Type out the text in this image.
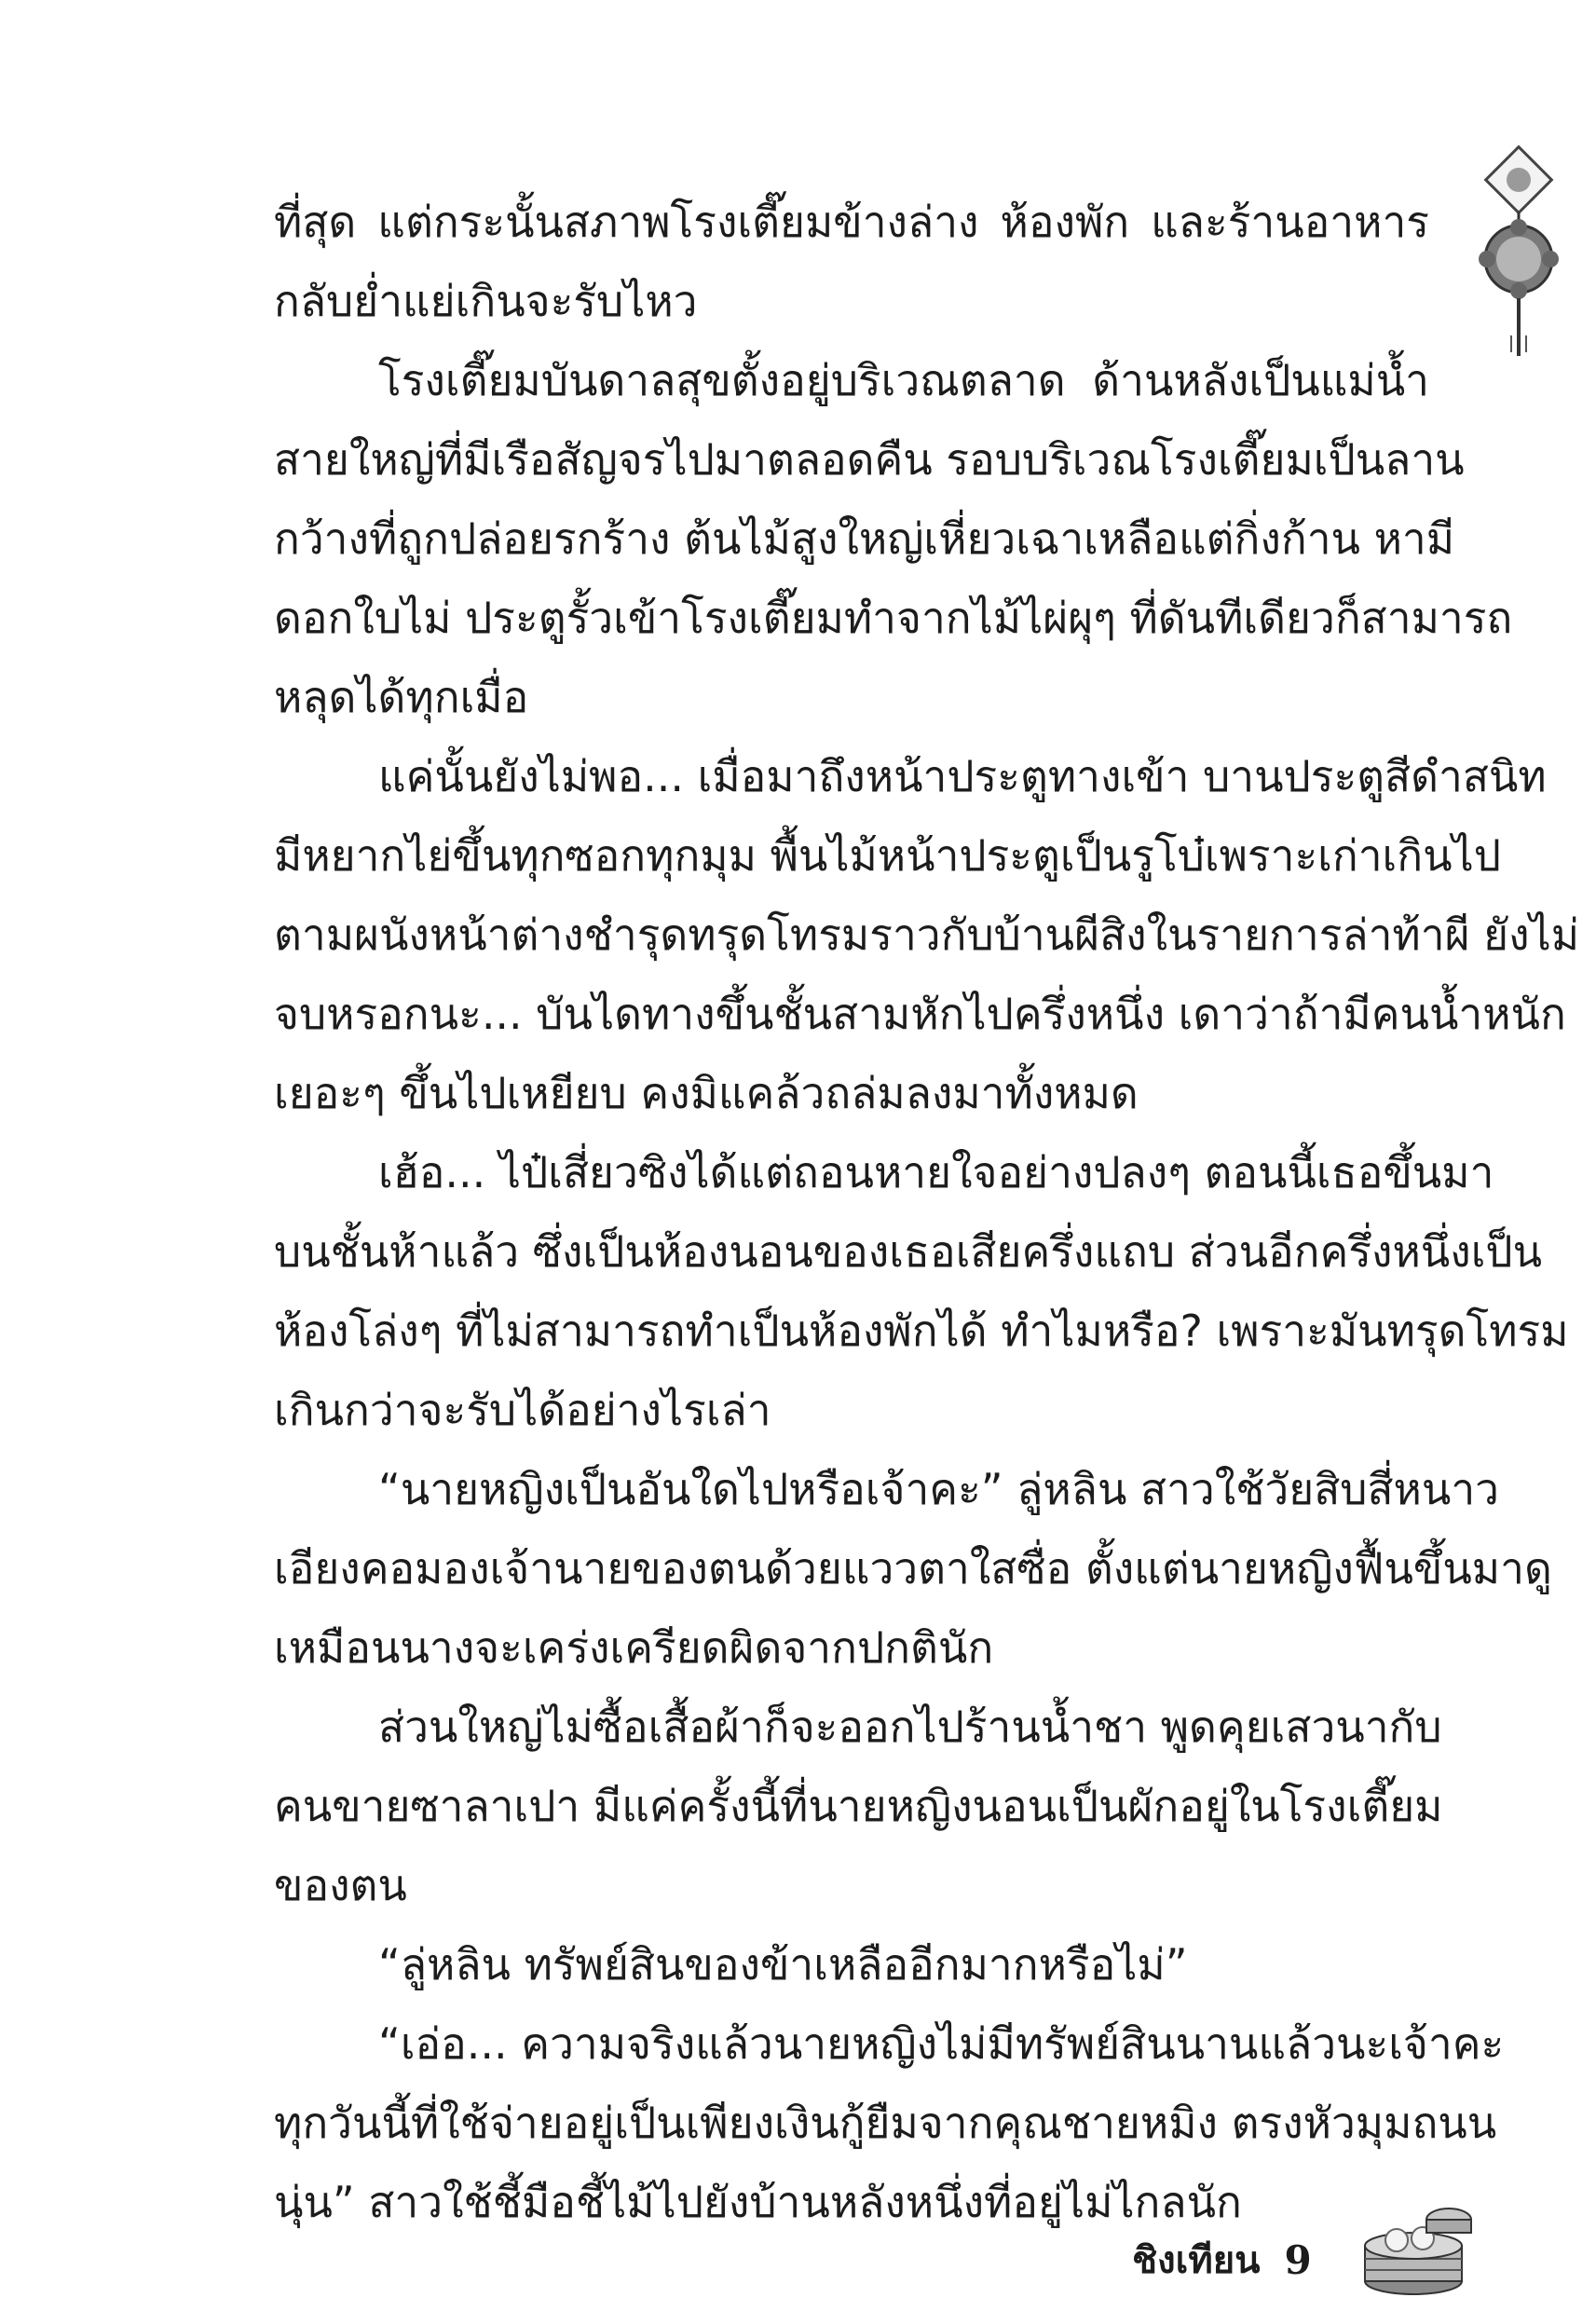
ที่สุด แต่กระนั้นสภาพโรงเตี๊ยมข้างล่าง ห้องพัก และร้านอาหาร
กลับย่ำแย่เกินจะรับไหว
โรงเตี๊ยมบันดาลสุขตั้งอยู่บริเวณตลาด ด้านหลังเป็นแม่น้ำ
สายใหญ่ที่มีเรือสัญจรไปมาตลอดคืน รอบบริเวณโรงเตี๊ยมเป็นลาน
กว้างที่ถูกปล่อยรกร้าง ต้นไม้สูงใหญ่เหี่ยวเฉาเหลือแต่กิ่งก้าน หามี
ดอกใบไม่ ประตูรั้วเข้าโรงเตี๊ยมทำจากไม้ไผ่ผุๆ ที่ดันทีเดียวก็สามารถ
หลุดได้ทุกเมื่อ
แค่นั้นยังไม่พอ... เมื่อมาถึงหน้าประตูทางเข้า บานประตูสีดำสนิท
มีหยากไย่ขึ้นทุกซอกทุกมุม พื้นไม้หน้าประตูเป็นรูโบ๋เพราะเก่าเกินไป
ตามผนังหน้าต่างชำรุดทรุดโทรมราวกับบ้านผีสิงในรายการล่าท้าผี ยังไม่
จบหรอกนะ... บันไดทางขึ้นชั้นสามหักไปครึ่งหนึ่ง เดาว่าถ้ามีคนน้ำหนัก
เยอะๆ ขึ้นไปเหยียบ คงมิแคล้วถล่มลงมาทั้งหมด
เฮ้อ... ไป๋เสี่ยวซิงได้แต่ถอนหายใจอย่างปลงๆ ตอนนี้เธอขึ้นมา
บนชั้นห้าแล้ว ซึ่งเป็นห้องนอนของเธอเสียครึ่งแถบ ส่วนอีกครึ่งหนึ่งเป็น
ห้องโล่งๆ ที่ไม่สามารถทำเป็นห้องพักได้ ทำไมหรือ? เพราะมันทรุดโทรม
เกินกว่าจะรับได้อย่างไรเล่า
“นายหญิงเป็นอันใดไปหรือเจ้าคะ” ลู่หลิน สาวใช้วัยสิบสี่หนาว
เอียงคอมองเจ้านายของตนด้วยแววตาใสซื่อ ตั้งแต่นายหญิงฟื้นขึ้นมาดู
เหมือนนางจะเคร่งเครียดผิดจากปกตินัก
ส่วนใหญ่ไม่ซื้อเสื้อผ้าก็จะออกไปร้านน้ำชา พูดคุยเสวนากับ
คนขายซาลาเปา มีแค่ครั้งนี้ที่นายหญิงนอนเป็นผักอยู่ในโรงเตี๊ยม
ของตน
“ลู่หลิน ทรัพย์สินของข้าเหลืออีกมากหรือไม่”
“เอ่อ... ความจริงแล้วนายหญิงไม่มีทรัพย์สินนานแล้วนะเจ้าคะ
ทุกวันนี้ที่ใช้จ่ายอยู่เป็นเพียงเงินกู้ยืมจากคุณชายหมิง ตรงหัวมุมถนน
นุ่น” สาวใช้ชี้มือชี้ไม้ไปยังบ้านหลังหนึ่งที่อยู่ไม่ไกลนัก
ชิงเทียน 9
